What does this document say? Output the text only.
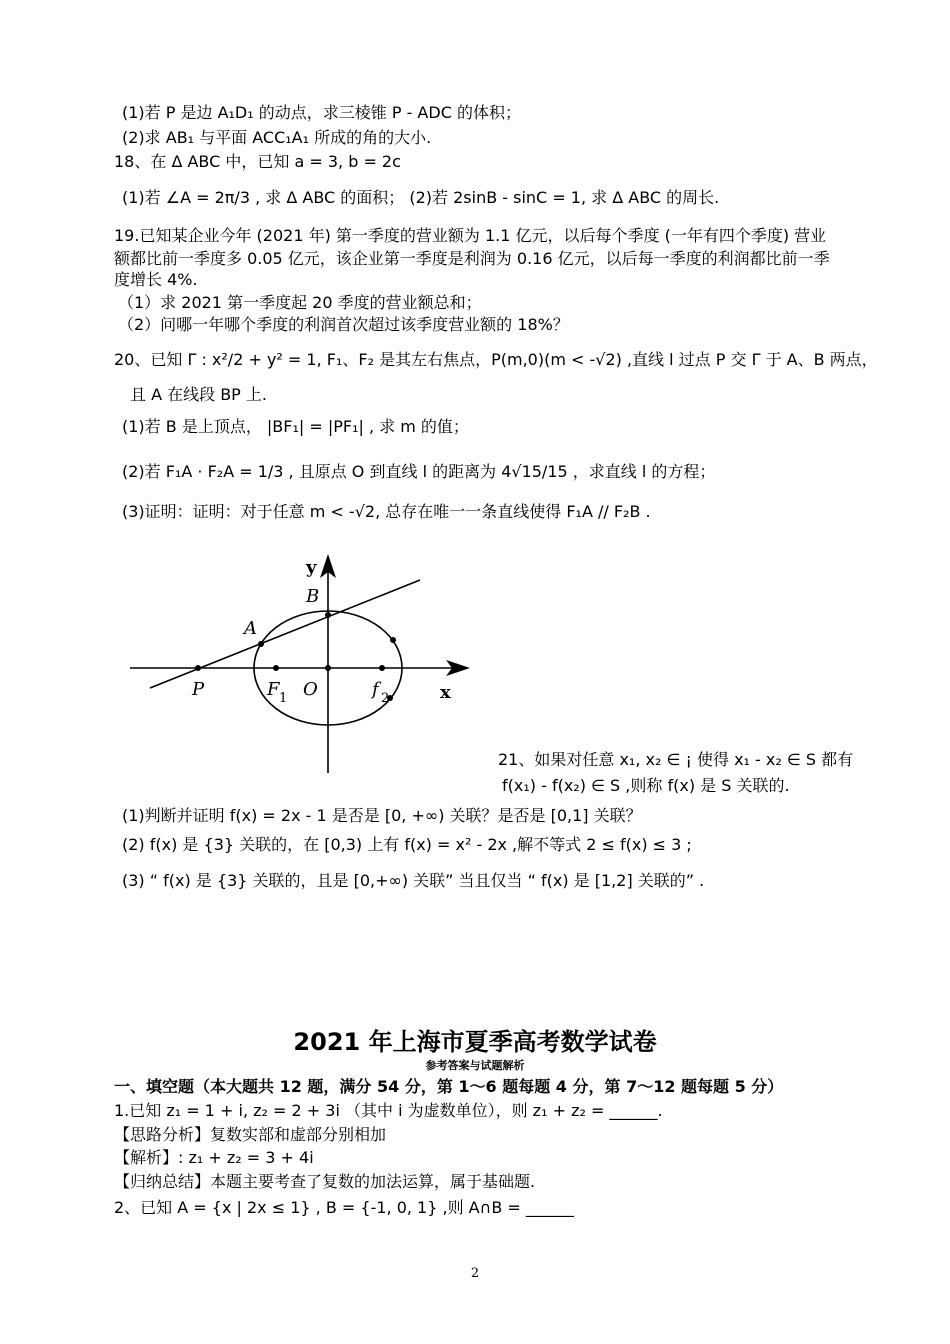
(1)若 P 是边 A₁D₁ 的动点，求三棱锥 P - ADC 的体积；
(2)求 AB₁ 与平面 ACC₁A₁ 所成的角的大小.
18、在 Δ ABC 中，已知 a = 3, b = 2c
(1)若 ∠A = 2π/3 , 求 Δ ABC 的面积； (2)若 2sinB - sinC = 1, 求 Δ ABC 的周长.
19.已知某企业今年 (2021 年) 第一季度的营业额为 1.1 亿元，以后每个季度 (一年有四个季度) 营业
额都比前一季度多 0.05 亿元，该企业第一季度是利润为 0.16 亿元，以后每一季度的利润都比前一季
度增长 4%.
（1）求 2021 第一季度起 20 季度的营业额总和；
（2）问哪一年哪个季度的利润首次超过该季度营业额的 18%？
20、已知 Γ : x²/2 + y² = 1, F₁、F₂ 是其左右焦点，P(m,0)(m < -√2) ,直线 l 过点 P 交 Γ 于 A、B 两点，
且 A 在线段 BP 上.
(1)若 B 是上顶点， |BF₁| = |PF₁| , 求 m 的值；
(2)若 F₁A · F₂A = 1/3 , 且原点 O 到直线 l 的距离为 4√15/15 ，求直线 l 的方程；
(3)证明：证明：对于任意 m < -√2, 总存在唯一一条直线使得 F₁A // F₂B .
y
x
A
B
P	O
F 1	f 2
21、如果对任意 x₁, x₂ ∈ ¡ 使得 x₁ - x₂ ∈ S 都有
f(x₁) - f(x₂) ∈ S ,则称 f(x) 是 S 关联的.
(1)判断并证明 f(x) = 2x - 1 是否是 [0, +∞) 关联？是否是 [0,1] 关联？
(2) f(x) 是 {3} 关联的，在 [0,3) 上有 f(x) = x² - 2x ,解不等式 2 ≤ f(x) ≤ 3 ;
(3) “ f(x) 是 {3} 关联的，且是 [0,+∞) 关联” 当且仅当 “ f(x) 是 [1,2] 关联的” .
2021 年上海市夏季高考数学试卷
参考答案与试题解析
一、填空题（本大题共 12 题，满分 54 分，第 1～6 题每题 4 分，第 7～12 题每题 5 分）
1.已知 z₁ = 1 + i, z₂ = 2 + 3i （其中 i 为虚数单位），则 z₁ + z₂ = ______.
【思路分析】复数实部和虚部分别相加
【解析】: z₁ + z₂ = 3 + 4i
【归纳总结】本题主要考查了复数的加法运算，属于基础题.
2、已知 A = {x | 2x ≤ 1} , B = {-1, 0, 1} ,则 A∩B = ______
2
